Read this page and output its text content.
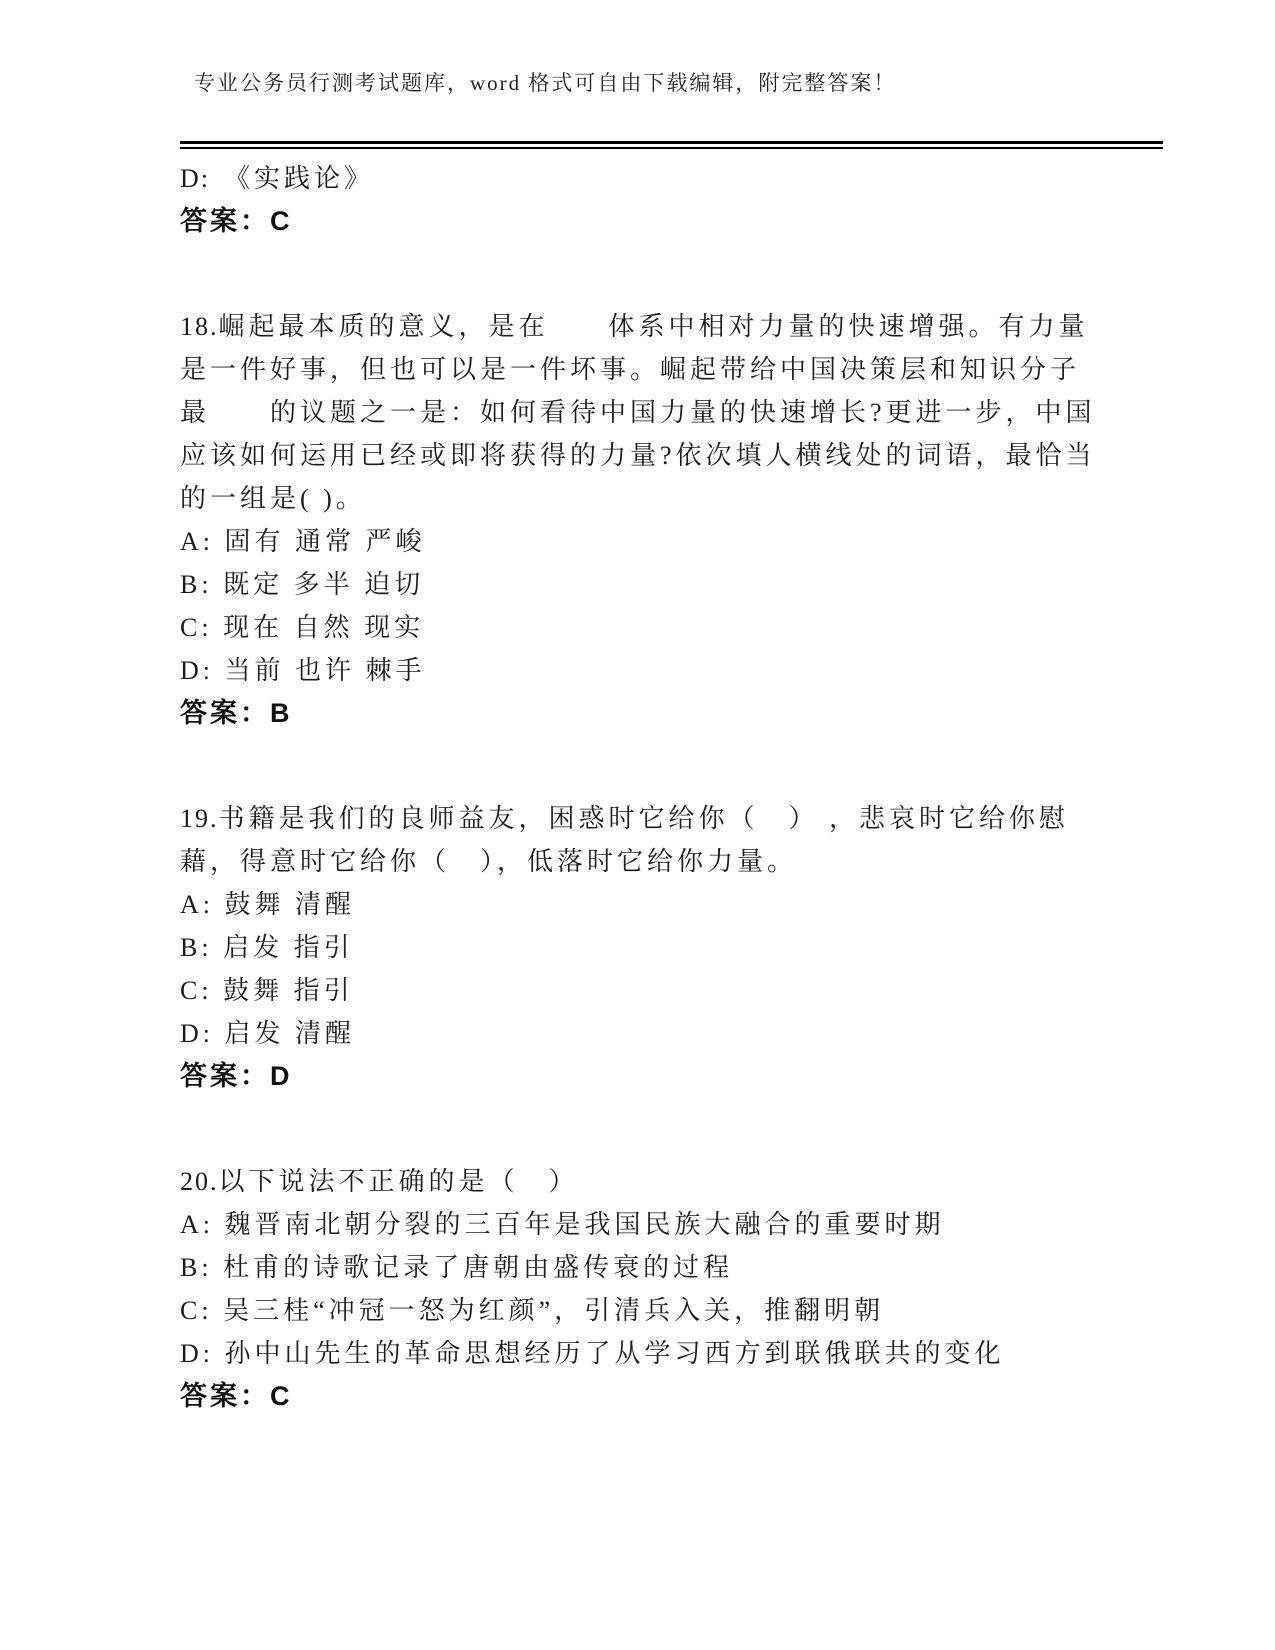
专业公务员行测考试题库，word 格式可自由下载编辑，附完整答案！

D: 《实践论》

答案：C

18.崛起最本质的意义，是在　　体系中相对力量的快速增强。有力量是一件好事，但也可以是一件坏事。崛起带给中国决策层和知识分子最　　的议题之一是：如何看待中国力量的快速增长?更进一步，中国应该如何运用已经或即将获得的力量?依次填人横线处的词语，最恰当的一组是( )。

A: 固有 通常 严峻

B: 既定 多半 迫切

C: 现在 自然 现实

D: 当前 也许 棘手

答案：B

19.书籍是我们的良师益友，困惑时它给你（　） ，悲哀时它给你慰藉，得意时它给你（　），低落时它给你力量。

A: 鼓舞 清醒

B: 启发 指引

C: 鼓舞 指引

D: 启发 清醒

答案：D

20.以下说法不正确的是（　）

A: 魏晋南北朝分裂的三百年是我国民族大融合的重要时期

B: 杜甫的诗歌记录了唐朝由盛传衰的过程

C: 吴三桂“冲冠一怒为红颜”，引清兵入关，推翻明朝

D: 孙中山先生的革命思想经历了从学习西方到联俄联共的变化

答案：C
